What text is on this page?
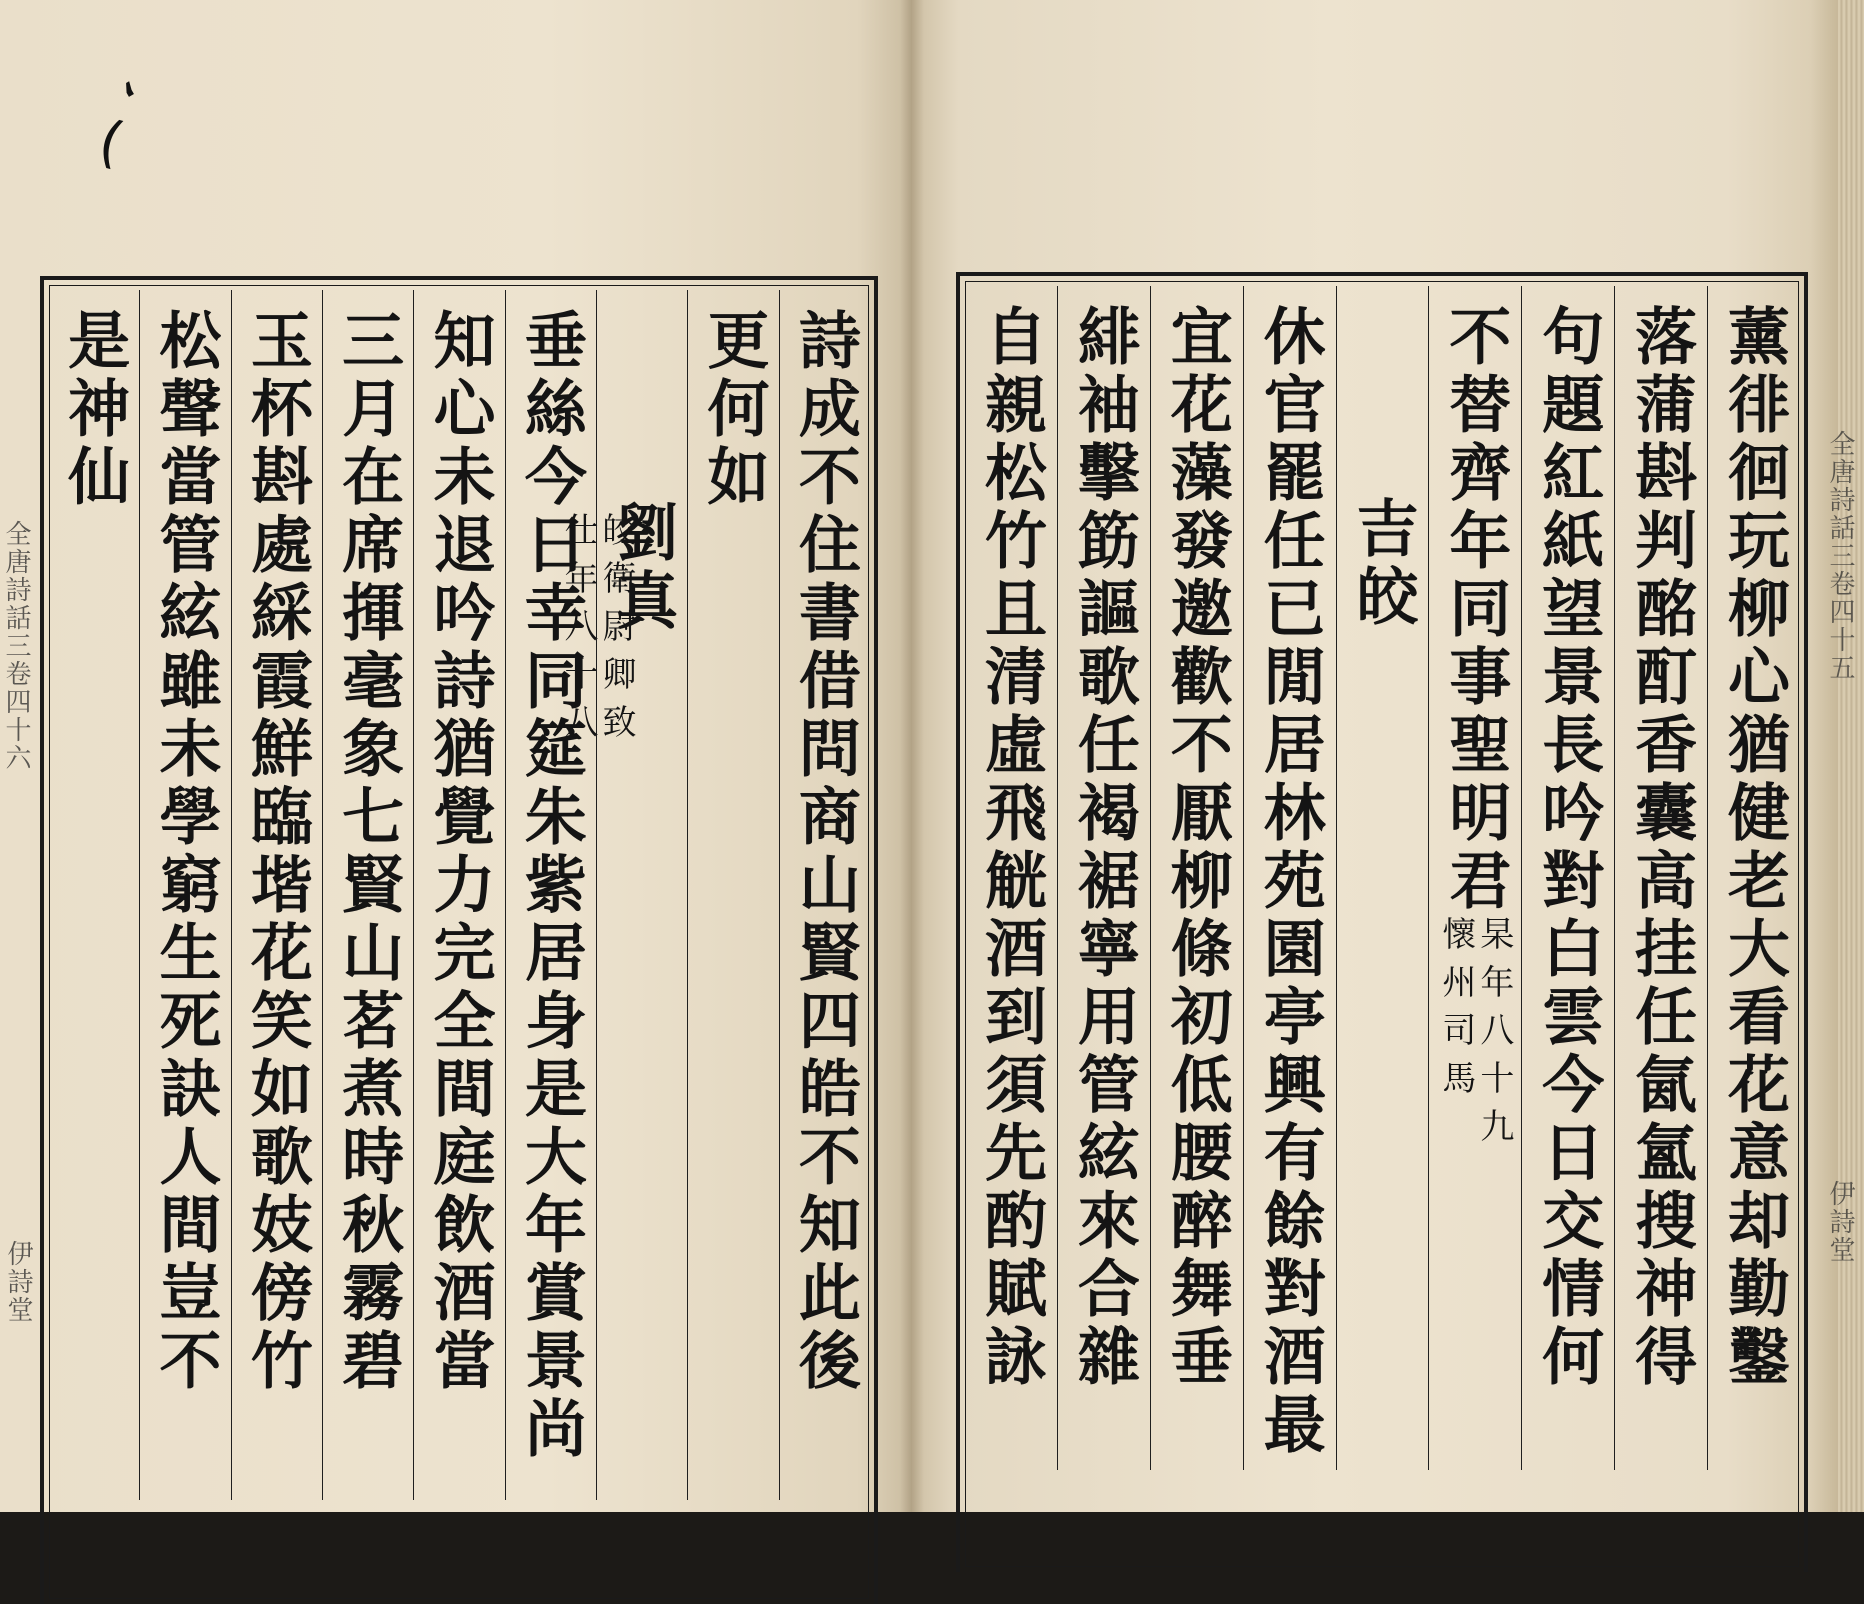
ʻ
(
詩成不住書借問商山賢四皓不知此後
更何如
仕年八十八
皎衛尉卿致
劉真
垂絲今日幸同筵朱紫居身是大年賞景尚
知心未退吟詩猶覺力完全間庭飲酒當
三月在席揮毫象七賢山茗煮時秋霧碧
玉杯斟處綵霞鮮臨堦花笑如歌妓傍竹
松聲當管絃雖未學窮生死訣人間豈不
是神仙	薰徘徊玩柳心猶健老大看花意却勤鑿
落蒲斟判酩酊香囊高挂任氤氳搜神得
句題紅紙望景長吟對白雲今日交情何
不替齊年同事聖明君
懷州司馬
杲年八十九
吉皎
休官罷任已閒居林苑園亭興有餘對酒最
宜花藻發邀歡不厭柳條初低腰醉舞垂
緋袖擊筯謳歌任褐裾寧用管絃來合雜
自親松竹且清虛飛觥酒到須先酌賦詠
全唐詩話三卷四十六
伊詩堂
全唐詩話三卷四十五
伊詩堂
